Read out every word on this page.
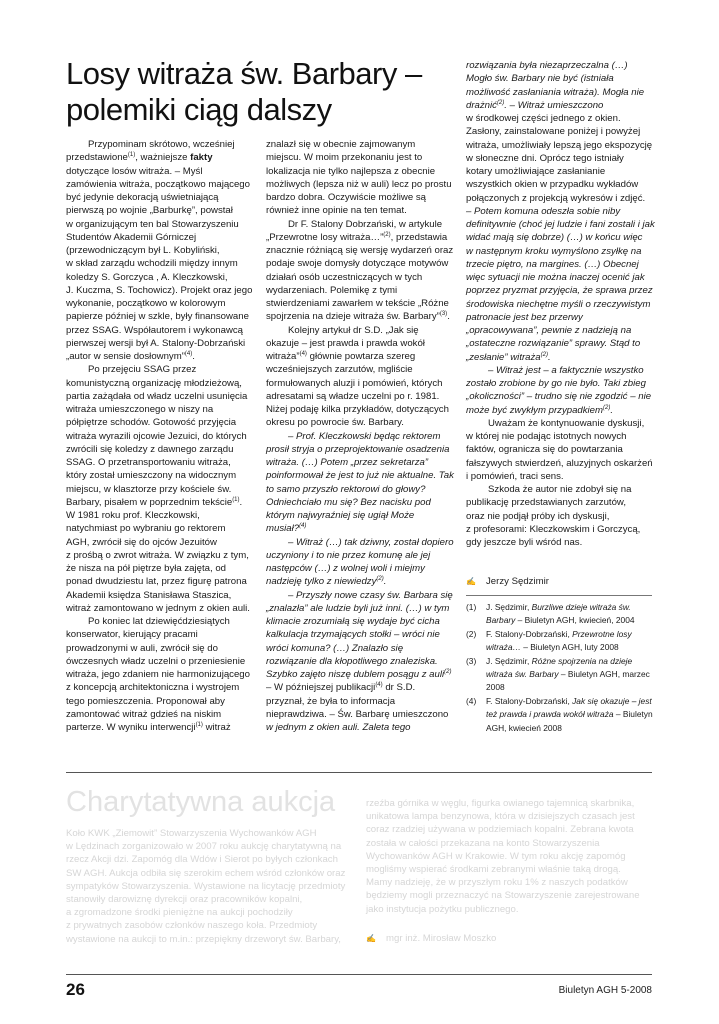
Losy witraża św. Barbary –
polemiki ciąg dalszy
Przypominam skrótowo, wcześniej
przedstawione$^{(1)}$, ważniejsze fakty
dotyczące losów witraża. – Myśl
zamówienia witraża, początkowo mającego
być jedynie dekoracją uświetniającą
pierwszą po wojnie „Barburkę”, powstał
w organizującym ten bal Stowarzyszeniu
Studentów Akademii Górniczej
(przewodniczącym był L. Kobyliński,
w skład zarządu wchodzili między innym
koledzy S. Gorczyca , A. Kleczkowski,
J. Kuczma, S. Tochowicz). Projekt oraz jego
wykonanie, początkowo w kolorowym
papierze później w szkle, były finansowane
przez SSAG. Współautorem i wykonawcą
pierwszej wersji był A. Stalony-Dobrzański
„autor w sensie dosłownym”$^{(4)}$.
Po przejęciu SSAG przez
komunistyczną organizację młodzieżową,
partia zażądała od władz uczelni usunięcia
witraża umieszczonego w niszy na
półpiętrze schodów. Gotowość przyjęcia
witraża wyrazili ojcowie Jezuici, do których
zwrócili się koledzy z dawnego zarządu
SSAG. O przetransportowaniu witraża,
który został umieszczony na widocznym
miejscu, w klasztorze przy kościele św.
Barbary, pisałem w poprzednim tekście$^{(1)}$.
W 1981 roku prof. Kleczkowski,
natychmiast po wybraniu go rektorem
AGH, zwrócił się do ojców Jezuitów
z prośbą o zwrot witraża. W związku z tym,
że nisza na pół piętrze była zajęta, od
ponad dwudziestu lat, przez figurę patrona
Akademii księdza Stanisława Staszica,
witraż zamontowano w jednym z okien auli.
Po koniec lat dziewięćdziesiątych
konserwator, kierujący pracami
prowadzonymi w auli, zwrócił się do
ówczesnych władz uczelni o przeniesienie
witraża, jego zdaniem nie harmonizującego
z koncepcją architektoniczna i wystrojem
tego pomieszczenia. Proponował aby
zamontować witraż gdzieś na niskim
parterze. W wyniku interwencji$^{(1)}$ witraż
znalazł się w obecnie zajmowanym
miejscu. W moim przekonaniu jest to
lokalizacja nie tylko najlepsza z obecnie
możliwych (lepsza niż w auli) lecz po prostu
bardzo dobra. Oczywiście możliwe są
również inne opinie na ten temat.
Dr F. Stalony Dobrzański, w artykule
„Przewrotne losy witraża…”$^{(2)}$, przedstawia
znacznie różniącą się wersję wydarzeń oraz
podaje swoje domysły dotyczące motywów
działań osób uczestniczących w tych
wydarzeniach. Polemikę z tymi
stwierdzeniami zawarłem w tekście „Różne
spojrzenia na dzieje witraża św. Barbary”$^{(3)}$.
Kolejny artykuł dr S.D. „Jak się
okazuje – jest prawda i prawda wokół
witraża”$^{(4)}$ głównie powtarza szereg
wcześniejszych zarzutów, mgliście
formułowanych aluzji i pomówień, których
adresatami są władze uczelni po r. 1981.
Niżej podaję kilka przykładów, dotyczących
okresu po powrocie św. Barbary.
– Prof. Kleczkowski będąc rektorem
prosił stryja o przeprojektowanie osadzenia
witraża. (…) Potem „przez sekretarza”
poinformował że jest to już nie aktualne. Tak
to samo przyszło rektorowi do głowy?
Odniechciało mu się? Bez nacisku pod
którym najwyraźniej się ugiął Może
musiał?$^{(4)}$
– Witraż (…) tak dziwny, został dopiero
uczyniony i to nie przez komunę ale jej
następców (…) z wolnej woli i miejmy
nadzieję tylko z niewiedzy$^{(2)}$.
– Przyszły nowe czasy św. Barbara się
„znalazła” ale ludzie byli już inni. (…) w tym
klimacie zrozumiałą się wydaje być cicha
kalkulacja trzymających stołki – wróci nie
wróci komuna? (…) Znalazło się
rozwiązanie dla kłopotliwego znaleziska.
Szybko zajęto niszę dublem posągu z auli$^{(2)}$
– W późniejszej publikacji$^{(4)}$ dr S.D.
przyznał, że była to informacja
nieprawdziwa. – Św. Barbarę umieszczono
w jednym z okien auli. Zaleta tego
rozwiązania była niezaprzeczalna (…)
Mogło św. Barbary nie być (istniała
możliwość zasłaniania witraża). Mogła nie
drażnić$^{(2)}$. – Witraż umieszczono
w środkowej części jednego z okien.
Zasłony, zainstalowane poniżej i powyżej
witraża, umożliwiały lepszą jego ekspozycję
w słoneczne dni. Oprócz tego istniały
kotary umożliwiające zasłanianie
wszystkich okien w przypadku wykładów
połączonych z projekcją wykresów i zdjęć.
– Potem komuna odeszła sobie niby
definitywnie (choć jej ludzie i fani zostali i jak
widać mają się dobrze) (…) w końcu więc
w następnym kroku wymyślono zsyłkę na
trzecie piętro, na margines. (…) Obecnej
więc sytuacji nie można inaczej ocenić jak
poprzez pryzmat przyjęcia, że sprawa przez
środowiska niechętne myśli o rzeczywistym
patronacie jest bez przerwy
„opracowywana”, pewnie z nadzieją na
„ostateczne rozwiązanie” sprawy. Stąd to
„zesłanie” witraża$^{(2)}$.
– Witraż jest – a faktycznie wszystko
zostało zrobione by go nie było. Taki zbieg
„okoliczności” – trudno się nie zgodzić – nie
może być zwykłym przypadkiem$^{(2)}$.
Uważam że kontynuowanie dyskusji,
w której nie podając istotnych nowych
faktów, ogranicza się do powtarzania
fałszywych stwierdzeń, aluzyjnych oskarżeń
i pomówień, traci sens.
Szkoda że autor nie zdobył się na
publikację przedstawianych zarzutów,
oraz nie podjął próby ich dyskusji,
z profesorami: Kleczkowskim i Gorczycą,
gdy jeszcze byli wśród nas.
✍ Jerzy Sędzimir
(1)	J. Sędzimir, Burzliwe dzieje witraża św.
Barbary – Biuletyn AGH, kwiecień, 2004
(2)	F. Stalony-Dobrzański, Przewrotne losy
witraża… – Biuletyn AGH, luty 2008
(3)	J. Sędzimir, Różne spojrzenia na dzieje
witraża św. Barbary – Biuletyn AGH, marzec
2008
(4)	F. Stalony-Dobrzański, Jak się okazuje – jest
też prawda i prawda wokół witraża – Biuletyn
AGH, kwiecień 2008
Charytatywna aukcja
Koło KWK „Ziemowit” Stowarzyszenia Wychowanków AGH
w Lędzinach zorganizowało w 2007 roku aukcję charytatywną na
rzecz Akcji dzi. Zapomóg dla Wdów i Sierot po byłych członkach
SW AGH. Aukcja odbiła się szerokim echem wśród członków oraz
sympatyków Stowarzyszenia. Wystawione na licytację przedmioty
stanowiły darowiznę dyrekcji oraz pracowników kopalni,
a zgromadzone środki pieniężne na aukcji pochodziły
z prywatnych zasobów członków naszego koła. Przedmioty
wystawione na aukcji to m.in.: przepiękny drzeworyt św. Barbary,
rzeźba górnika w węglu, figurka owianego tajemnicą skarbnika,
unikatowa lampa benzynowa, która w dzisiejszych czasach jest
coraz rzadziej używana w podziemiach kopalni. Zebrana kwota
została w całości przekazana na konto Stowarzyszenia
Wychowanków AGH w Krakowie. W tym roku akcję zapomóg
mogliśmy wspierać środkami zebranymi właśnie taką drogą.
Mamy nadzieję, że w przyszłym roku 1% z naszych podatków
będziemy mogli przeznaczyć na Stowarzyszenie zarejestrowane
jako instytucja pożytku publicznego.
✍ mgr inż. Mirosław Moszko
26	Biuletyn AGH 5-2008
